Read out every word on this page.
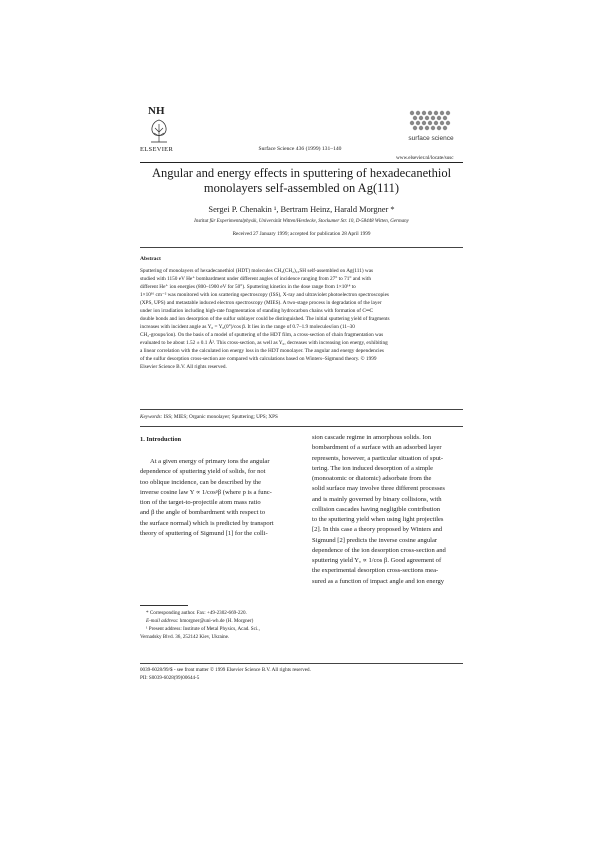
NH
ELSEVIER	Surface Science 436 (1999) 131–140
surface science
www.elsevier.nl/locate/susc
Angular and energy effects in sputtering of hexadecanethiol
monolayers self-assembled on Ag(111)
Sergei P. Chenakin ¹, Bertram Heinz, Harald Morgner *
Institut für Experimentalphysik, Universität Witten/Herdecke, Stockumer Str. 10, D-58448 Witten, Germany
Received 27 January 1999; accepted for publication 28 April 1999
Abstract
Sputtering of monolayers of hexadecanethiol (HDT) molecules CH₃(CH₂)₁₅SH self-assembled on Ag(111) was
studied with 1150 eV He⁺ bombardment under different angles of incidence ranging from 27° to 71° and with
different He⁺ ion energies (800–1900 eV for 50°). Sputtering kinetics in the dose range from 1×10¹⁴ to
1×10¹⁶ cm⁻² was monitored with ion scattering spectroscopy (ISS), X-ray and ultraviolet photoelectron spectroscopies
(XPS, UPS) and metastable induced electron spectroscopy (MIES). A two-stage process in degradation of the layer
under ion irradiation including high-rate fragmentation of standing hydrocarbon chains with formation of C═C
double bonds and ion desorption of the sulfur sublayer could be distinguished. The initial sputtering yield of fragments
increases with incident angle as Y₀ = Y₀(0°)/cos β. It lies in the range of 0.7–1.9 molecules/ion (11–30
CH₂-groups/ion). On the basis of a model of sputtering of the HDT film, a cross-section of chain fragmentation was
evaluated to be about 1.52 ± 0.1 Å². This cross-section, as well as Y₀, decreases with increasing ion energy, exhibiting
a linear correlation with the calculated ion energy loss in the HDT monolayer. The angular and energy dependencies
of the sulfur desorption cross-section are compared with calculations based on Winters–Sigmund theory. © 1999
Elsevier Science B.V. All rights reserved.
Keywords: ISS; MIES; Organic monolayer; Sputtering; UPS; XPS
1. Introduction
At a given energy of primary ions the angular
dependence of sputtering yield of solids, for not
too oblique incidence, can be described by the
inverse cosine law Y ∝ 1/cosᵖβ (where p is a func-
tion of the target-to-projectile atom mass ratio
and β the angle of bombardment with respect to
the surface normal) which is predicted by transport
theory of sputtering of Sigmund [1] for the colli-
sion cascade regime in amorphous solids. Ion
bombardment of a surface with an adsorbed layer
represents, however, a particular situation of sput-
tering. The ion induced desorption of a simple
(monoatomic or diatomic) adsorbate from the
solid surface may involve three different processes
and is mainly governed by binary collisions, with
collision cascades having negligible contribution
to the sputtering yield when using light projectiles
[2]. In this case a theory proposed by Winters and
Sigmund [2] predicts the inverse cosine angular
dependence of the ion desorption cross-section and
sputtering yield Yₐ ∝ 1/cos β. Good agreement of
the experimental desorption cross-sections mea-
sured as a function of impact angle and ion energy
* Corresponding author. Fax: +49-2302-669-220.
E-mail address: hmorgner@uni-wh.de (H. Morgner)
¹ Present address: Institute of Metal Physics, Acad. Sci.,
Vernadsky Blvd. 36, 252142 Kiev, Ukraine.
0039-6028/99/$ - see front matter © 1999 Elsevier Science B.V. All rights reserved.
PII: S0039-6028(99)00644-5
